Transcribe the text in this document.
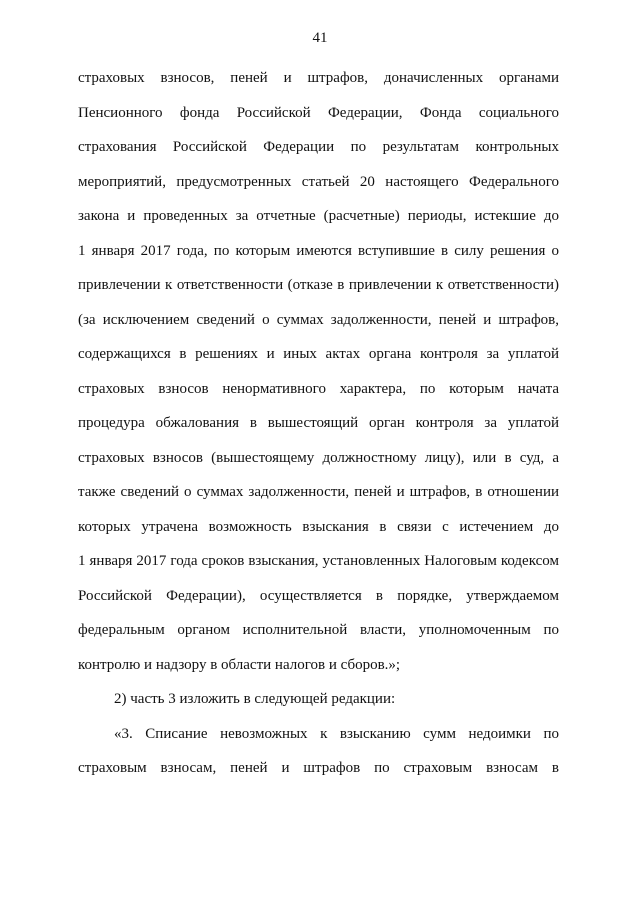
41
страховых взносов, пеней и штрафов, доначисленных органами
Пенсионного фонда Российской Федерации, Фонда социального
страхования Российской Федерации по результатам контрольных
мероприятий, предусмотренных статьей 20 настоящего Федерального
закона и проведенных за отчетные (расчетные) периоды, истекшие до
1 января 2017 года, по которым имеются вступившие в силу решения о
привлечении к ответственности (отказе в привлечении к ответственности)
(за исключением сведений о суммах задолженности, пеней и штрафов,
содержащихся в решениях и иных актах органа контроля за уплатой
страховых взносов ненормативного характера, по которым начата
процедура обжалования в вышестоящий орган контроля за уплатой
страховых взносов (вышестоящему должностному лицу), или в суд, а
также сведений о суммах задолженности, пеней и штрафов, в отношении
которых утрачена возможность взыскания в связи с истечением до
1 января 2017 года сроков взыскания, установленных Налоговым кодексом
Российской Федерации), осуществляется в порядке, утверждаемом
федеральным органом исполнительной власти, уполномоченным по
контролю и надзору в области налогов и сборов.»;
2) часть 3 изложить в следующей редакции:
«3. Списание невозможных к взысканию сумм недоимки по
страховым взносам, пеней и штрафов по страховым взносам в
